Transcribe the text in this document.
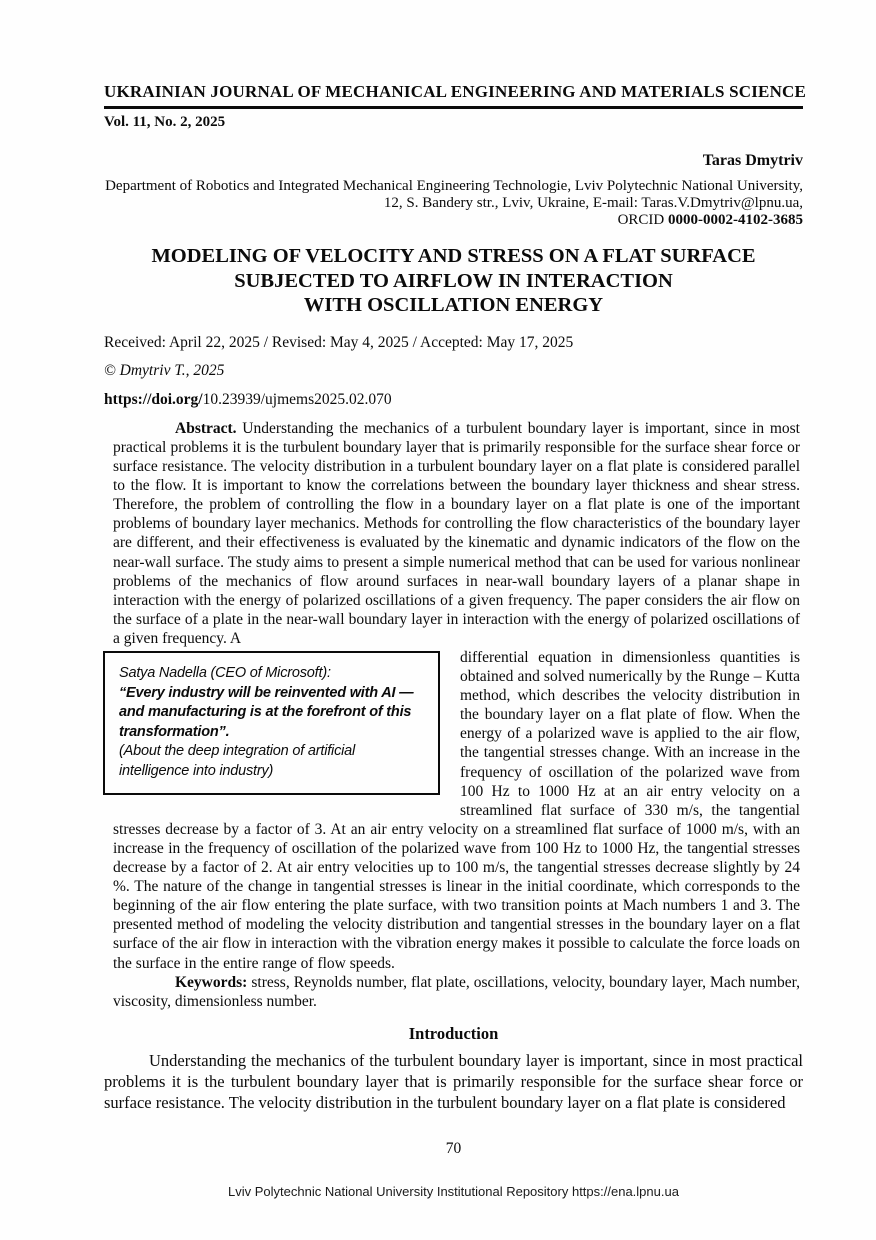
UKRAINIAN JOURNAL OF MECHANICAL ENGINEERING AND MATERIALS SCIENCE
Vol. 11, No. 2, 2025
Taras Dmytriv
Department of Robotics and Integrated Mechanical Engineering Technologie, Lviv Polytechnic National University,
12, S. Bandery str., Lviv, Ukraine, E-mail: Taras.V.Dmytriv@lpnu.ua,
ORCID 0000-0002-4102-3685
MODELING OF VELOCITY AND STRESS ON A FLAT SURFACE
SUBJECTED TO AIRFLOW IN INTERACTION
WITH OSCILLATION ENERGY
Received: April 22, 2025 / Revised: May 4, 2025 / Accepted: May 17, 2025
© Dmytriv T., 2025
https://doi.org/10.23939/ujmems2025.02.070
Abstract. Understanding the mechanics of a turbulent boundary layer is important, since in most practical problems it is the turbulent boundary layer that is primarily responsible for the surface shear force or surface resistance. The velocity distribution in a turbulent boundary layer on a flat plate is considered parallel to the flow. It is important to know the correlations between the boundary layer thickness and shear stress. Therefore, the problem of controlling the flow in a boundary layer on a flat plate is one of the important problems of boundary layer mechanics. Methods for controlling the flow characteristics of the boundary layer are different, and their effectiveness is evaluated by the kinematic and dynamic indicators of the flow on the near-wall surface. The study aims to present a simple numerical method that can be used for various nonlinear problems of the mechanics of flow around surfaces in near-wall boundary layers of a planar shape in interaction with the energy of polarized oscillations of a given frequency. The paper considers the air flow on the surface of a plate in the near-wall boundary layer in interaction with the energy of polarized oscillations of a given frequency. A
Satya Nadella (CEO of Microsoft):
“Every industry will be reinvented with AI — and manufacturing is at the forefront of this transformation”.
(About the deep integration of artificial intelligence into industry)
differential equation in dimensionless quantities is obtained and solved numerically by the Runge – Kutta method, which describes the velocity distribution in the boundary layer on a flat plate of flow. When the energy of a polarized wave is applied to the air flow, the tangential stresses change. With an increase in the frequency of oscillation of the polarized wave from 100 Hz to 1000 Hz at an air entry velocity on a streamlined flat surface of 330 m/s, the tangential stresses decrease by a factor of 3. At an air entry velocity on a streamlined flat surface of 1000 m/s, with an increase in the frequency of oscillation of the polarized wave from 100 Hz to 1000 Hz, the tangential stresses decrease by a factor of 2. At air entry velocities up to 100 m/s, the tangential stresses decrease slightly by 24 %. The nature of the change in tangential stresses is linear in the initial coordinate, which corresponds to the beginning of the air flow entering the plate surface, with two transition points at Mach numbers 1 and 3. The presented method of modeling the velocity distribution and tangential stresses in the boundary layer on a flat surface of the air flow in interaction with the vibration energy makes it possible to calculate the force loads on the surface in the entire range of flow speeds.
Keywords: stress, Reynolds number, flat plate, oscillations, velocity, boundary layer, Mach number, viscosity, dimensionless number.
Introduction
Understanding the mechanics of the turbulent boundary layer is important, since in most practical problems it is the turbulent boundary layer that is primarily responsible for the surface shear force or surface resistance. The velocity distribution in the turbulent boundary layer on a flat plate is considered
70
Lviv Polytechnic National University Institutional Repository https://ena.lpnu.ua
